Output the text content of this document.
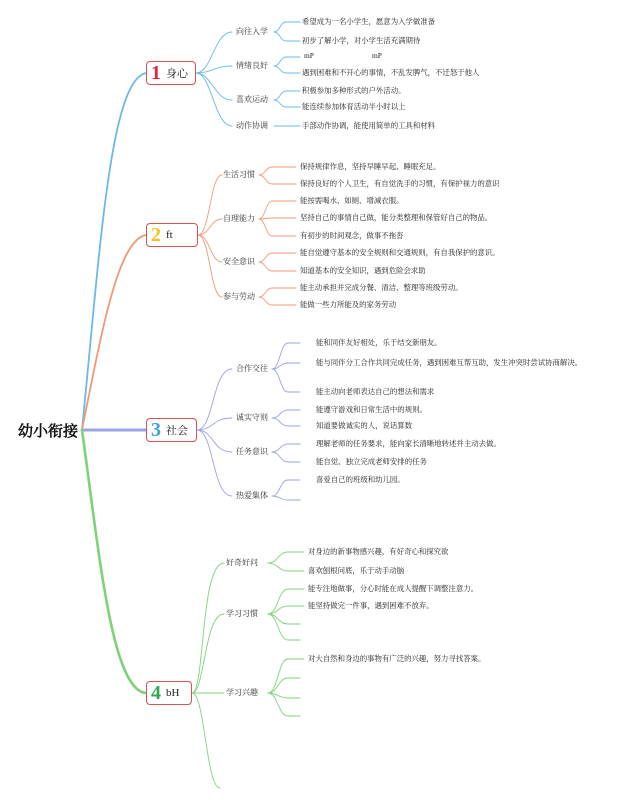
幼小衔接
1 身心
2 ft
3 社会
4 bH
向往入学
情绪良好
喜欢运动
动作协调
希望成为一名小学生，愿意为入学做准备
初步了解小学，对小学生活充满期待
mP	mP
遇到困难和不开心的事情，不乱发脾气，不迁怒于他人
积极参加多种形式的户外活动。
能连续参加体育活动半小时以上
手部动作协调，能使用简单的工具和材料
生活习惯
自理能力
安全意识
参与劳动
保持规律作息，坚持早睡早起、睡眠充足。
保持良好的个人卫生，有自觉洗手的习惯，有保护视力的意识
能按需喝水、如厕、增减衣服。
坚持自己的事情自己做，能分类整理和保管好自己的物品。
有初步的时间观念，做事不拖沓
能自觉遵守基本的安全规则和交通规则，有自我保护的意识。
知道基本的安全知识，遇到危险会求助
能主动承担并完成分餐、清洁、整理等班级劳动。
能做一些力所能及的家务劳动
合作交往
诚实守则
任务意识
热爱集体
能和同伴友好相处，乐于结交新朋友。
能与同伴分工合作共同完成任务，遇到困难互帮互助，发生冲突时尝试协商解决。
能主动向老师表达自己的想法和需求
能遵守游戏和日常生活中的规则。
知道要做诚实的人，说话算数
理解老师的任务要求，能向家长清晰地转述并主动去做。
能自觉、独立完成老师安排的任务
喜爱自己的班级和幼儿园。
好奇好问
学习习惯
学习兴趣
对身边的新事物感兴趣，有好奇心和探究欲
喜欢刨根问底，乐于动手动脑
能专注地做事，分心时能在成人提醒下调整注意力。
能坚持做完一件事，遇到困难不放弃。
对大自然和身边的事物有广泛的兴趣，努力寻找答案。
